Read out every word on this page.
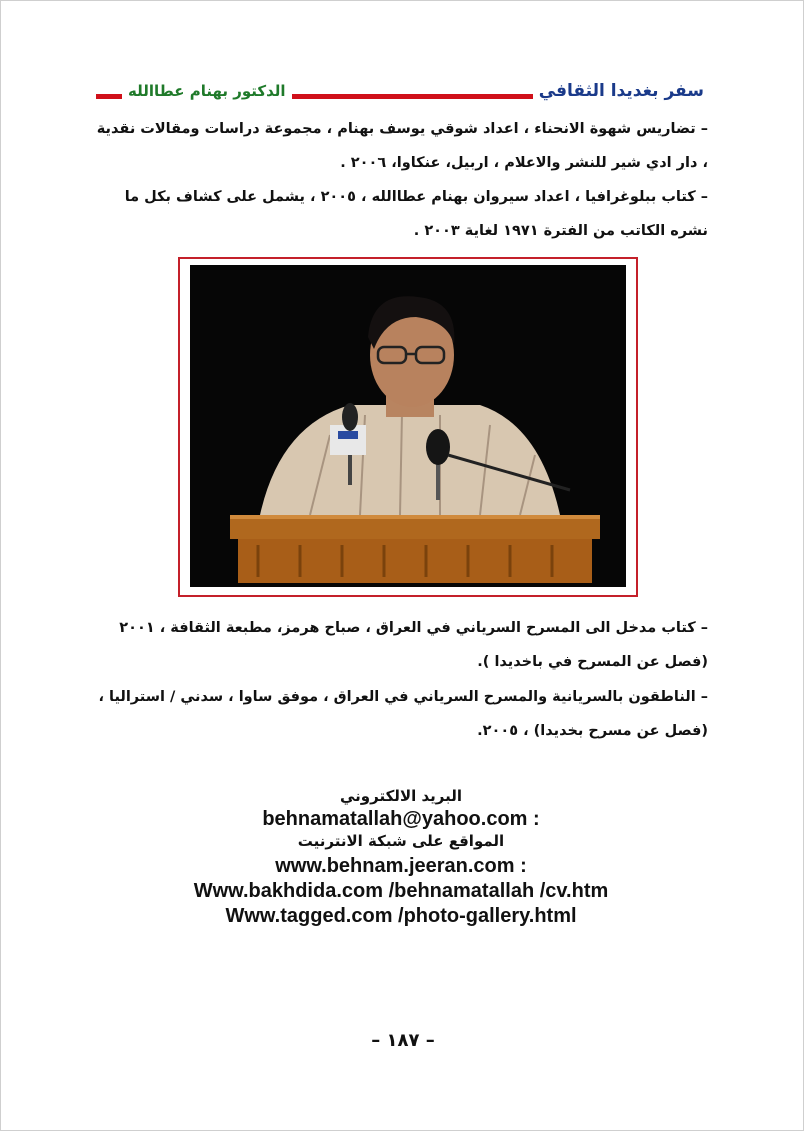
سفر بغديدا الثقافي
الدكتور بهنام عطاالله
– تضاريس شهوة الانحناء ، اعداد شوقي يوسف بهنام ، مجموعة دراسات ومقالات نقدية
، دار ادي شير للنشر والاعلام ، اربيل، عنكاوا، ٢٠٠٦ .
– كتاب ببلوغرافيا ، اعداد سيروان بهنام عطاالله ، ٢٠٠٥ ، يشمل على كشاف بكل ما
نشره الكاتب من الفترة ١٩٧١ لغاية ٢٠٠٣ .
– كتاب مدخل الى المسرح السرياني في العراق ، صباح هرمز، مطبعة الثقافة ، ٢٠٠١
(فصل عن المسرح في باخديدا ).
– الناطقون بالسريانية والمسرح السرياني في العراق ، موفق ساوا ، سدني / استراليا ،
(فصل عن مسرح بخديدا) ، ٢٠٠٥.
البريد الالكتروني
behnamatallah@yahoo.com :
المواقع على شبكة الانترنيت
www.behnam.jeeran.com :
Www.bakhdida.com /behnamatallah /cv.htm
Www.tagged.com /photo-gallery.html
– ١٨٧ –
